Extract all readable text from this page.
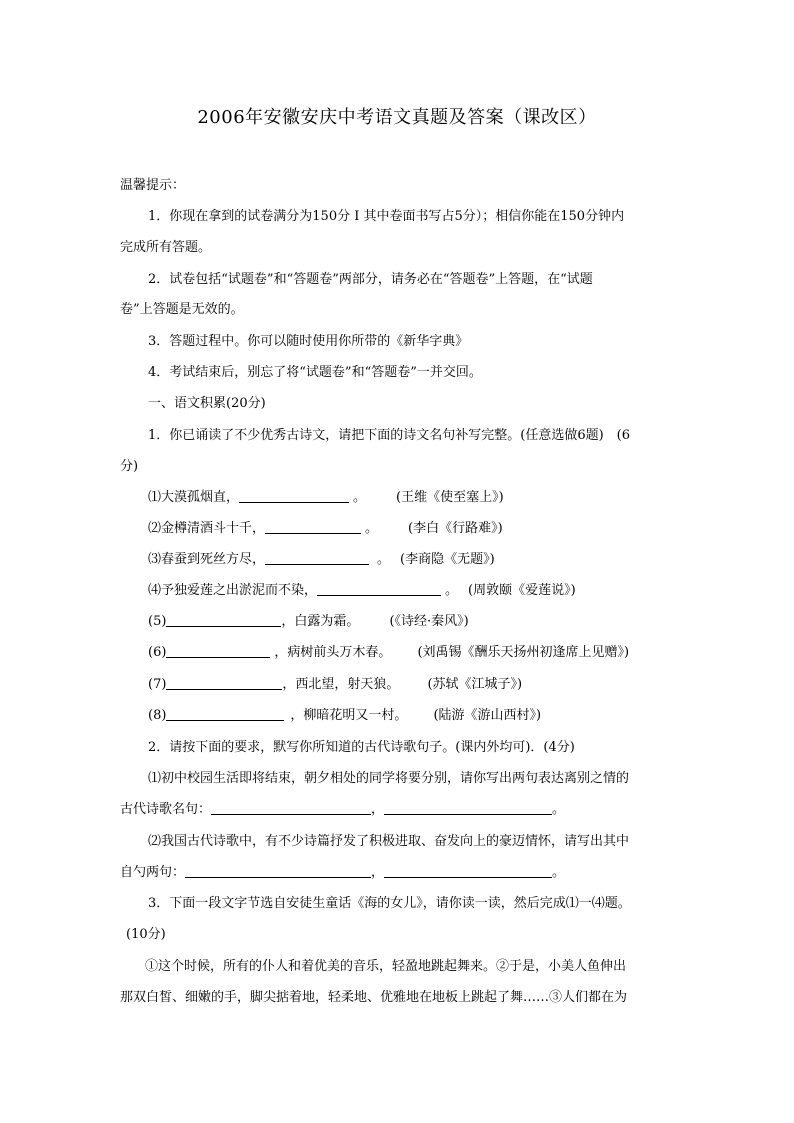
2006年安徽安庆中考语文真题及答案（课改区）
温馨提示：
1．你现在拿到的试卷满分为150分 I 其中卷面书写占5分）；相信你能在150分钟内
完成所有答题。
2．试卷包括“试题卷”和“答题卷”两部分，请务必在“答题卷”上答题，在“试题
卷”上答题是无效的。
3．答题过程中。你可以随时使用你所带的《新华字典》
4．考试结束后，别忘了将“试题卷”和“答题卷”一并交回。
一、语文积累(20分)
1．你已诵读了不少优秀古诗文，请把下面的诗文名句补写完整。(任意选做6题)　(6
分)
⑴大漠孤烟直，	。 (王维《使至塞上》)
⑵金樽清酒斗十千，	。 (李白《行路难》)
⑶春蚕到死丝方尽，	。 (李商隐《无题》)
⑷予独爱莲之出淤泥而不染，	。 (周敦颐《爱莲说》)
(5)	，白露为霜。 (《诗经·秦风》)
(6)	，病树前头万木春。 (刘禹锡《酬乐天扬州初逢席上见赠》)
(7)	，西北望，射天狼。 (苏轼《江城子》)
(8)	，柳暗花明又一村。 (陆游《游山西村》)
2．请按下面的要求，默写你所知道的古代诗歌句子。(课内外均可)．(4分)
⑴初中校园生活即将结束，朝夕相处的同学将要分别，请你写出两句表达离别之情的
古代诗歌名句：	，	。
⑵我国古代诗歌中，有不少诗篇抒发了积极进取、奋发向上的豪迈情怀，请写出其中
自勺两句：	，	。
3．下面一段文字节选自安徒生童话《海的女儿》，请你读一读，然后完成⑴一⑷题。
(10分)
①这个时候，所有的仆人和着优美的音乐，轻盈地跳起舞来。②于是，小美人鱼伸出
那双白皙、细嫩的手，脚尖掂着地，轻柔地、优雅地在地板上跳起了舞……③人们都在为
